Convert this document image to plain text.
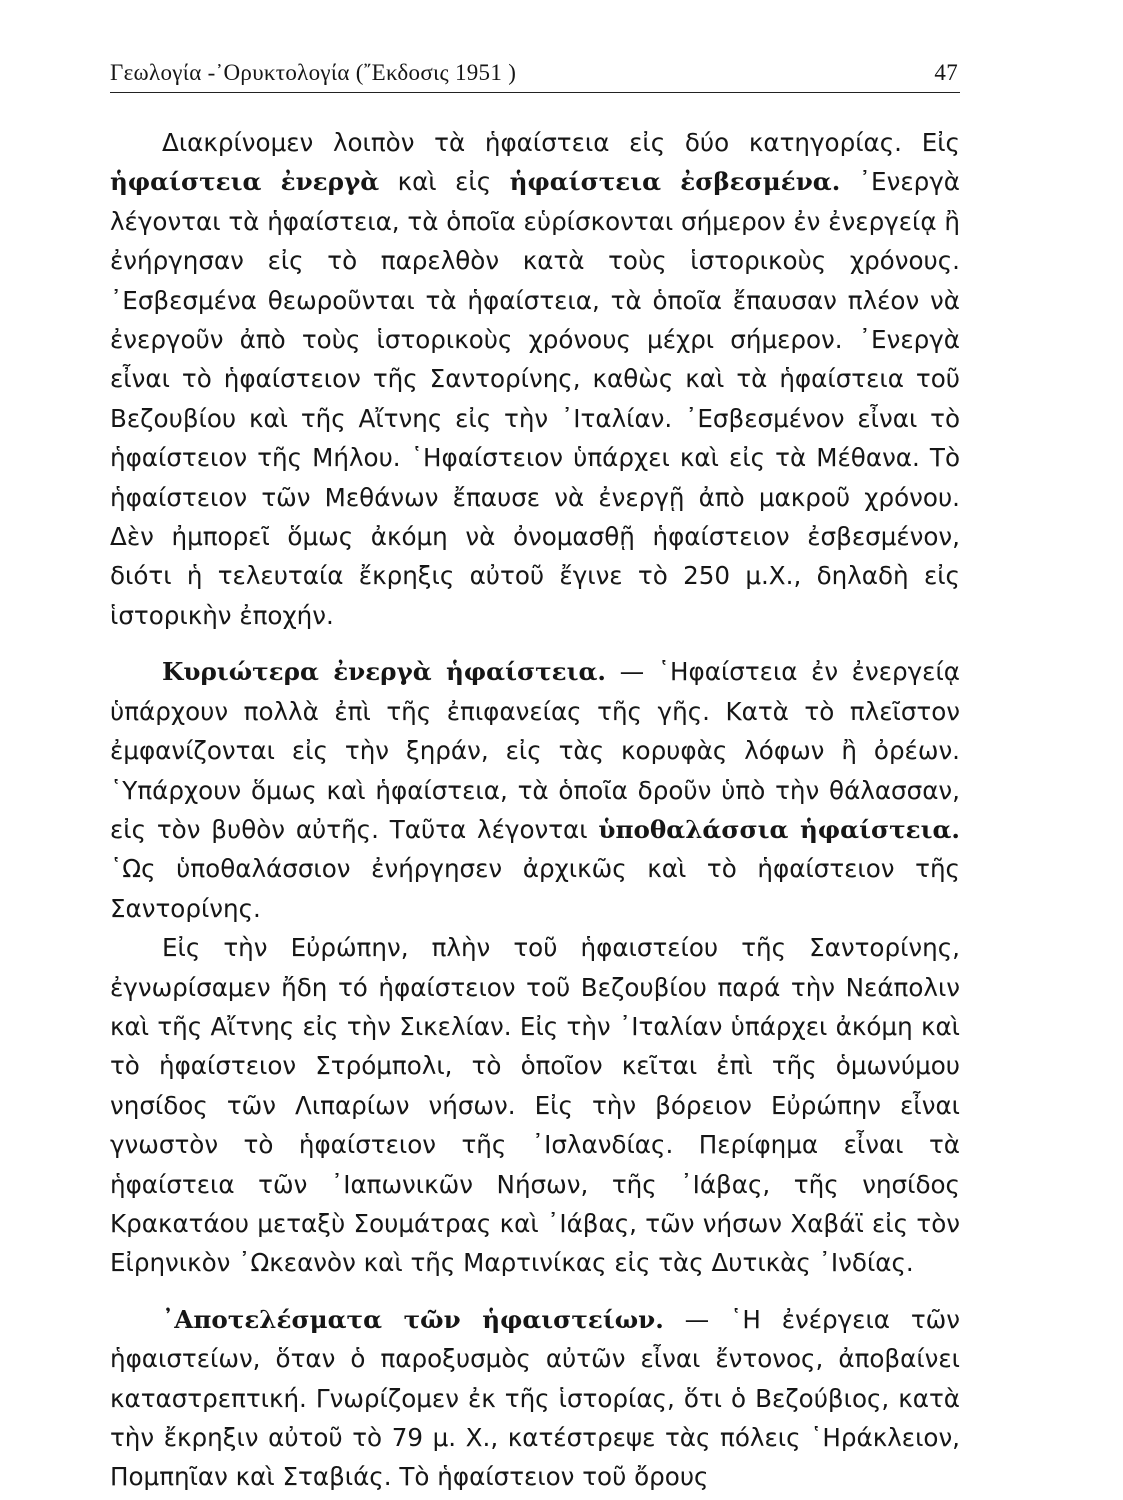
Γεωλογία -᾿Ορυκτολογία (῎Εκδοσις 1951 )	47

Διακρίνομεν λοιπὸν τὰ ἡφαίστεια εἰς δύο κατηγορίας. Εἰς ἡφαίστεια ἐνεργὰ καὶ εἰς ἡφαίστεια ἐσβεσμένα. ᾿Ενεργὰ λέγονται τὰ ἡφαίστεια, τὰ ὁποῖα εὑρίσκονται σήμερον ἐν ἐνεργείᾳ ἢ ἐνήργησαν εἰς τὸ παρελθὸν κατὰ τοὺς ἱστορικοὺς χρόνους. ᾿Εσβεσμένα θεωροῦνται τὰ ἡφαίστεια, τὰ ὁποῖα ἔπαυσαν πλέον νὰ ἐνεργοῦν ἀπὸ τοὺς ἱστορικοὺς χρόνους μέχρι σήμερον. ᾿Ενεργὰ εἶναι τὸ ἡφαίστειον τῆς Σαντορίνης, καθὼς καὶ τὰ ἡφαίστεια τοῦ Βεζουβίου καὶ τῆς Αἴτνης εἰς τὴν ᾿Ιταλίαν. ᾿Εσβεσμένον εἶναι τὸ ἡφαίστειον τῆς Μήλου. ῾Ηφαίστειον ὑπάρχει καὶ εἰς τὰ Μέθανα. Τὸ ἡφαίστειον τῶν Μεθάνων ἔπαυσε νὰ ἐνεργῇ ἀπὸ μακροῦ χρόνου. Δὲν ἠμπορεῖ ὅμως ἀκόμη νὰ ὀνομασθῇ ἡφαίστειον ἐσβεσμένον, διότι ἡ τελευταία ἔκρηξις αὐτοῦ ἔγινε τὸ 250 μ.Χ., δηλαδὴ εἰς ἱστορικὴν ἐποχήν.

Κυριώτερα ἐνεργὰ ἡφαίστεια. — ῾Ηφαίστεια ἐν ἐνεργείᾳ ὑπάρχουν πολλὰ ἐπὶ τῆς ἐπιφανείας τῆς γῆς. Κατὰ τὸ πλεῖστον ἐμφανίζονται εἰς τὴν ξηράν, εἰς τὰς κορυφὰς λόφων ἢ ὀρέων. ῾Υπάρχουν ὅμως καὶ ἡφαίστεια, τὰ ὁποῖα δροῦν ὑπὸ τὴν θάλασσαν, εἰς τὸν βυθὸν αὐτῆς. Ταῦτα λέγονται ὑποθαλάσσια ἡφαίστεια. ῾Ως ὑποθαλάσσιον ἐνήργησεν ἀρχικῶς καὶ τὸ ἡφαίστειον τῆς Σαντορίνης.

Εἰς τὴν Εὐρώπην, πλὴν τοῦ ἡφαιστείου τῆς Σαντορίνης, ἐγνωρίσαμεν ἤδη τό ἡφαίστειον τοῦ Βεζουβίου παρά τὴν Νεάπολιν καὶ τῆς Αἴτνης εἰς τὴν Σικελίαν. Εἰς τὴν ᾿Ιταλίαν ὑπάρχει ἀκόμη καὶ τὸ ἡφαίστειον Στρόμπολι, τὸ ὁποῖον κεῖται ἐπὶ τῆς ὁμωνύμου νησίδος τῶν Λιπαρίων νήσων. Εἰς τὴν βόρειον Εὐρώπην εἶναι γνωστὸν τὸ ἡφαίστειον τῆς ᾿Ισλανδίας. Περίφημα εἶναι τὰ ἡφαίστεια τῶν ᾿Ιαπωνικῶν Νήσων, τῆς ᾿Ιάβας, τῆς νησίδος Κρακατάου μεταξὺ Σουμάτρας καὶ ᾿Ιάβας, τῶν νήσων Χαβάϊ εἰς τὸν Εἰρηνικὸν ᾿Ωκεανὸν καὶ τῆς Μαρτινίκας εἰς τὰς Δυτικὰς ᾿Ινδίας.

᾿Αποτελέσματα τῶν ἡφαιστείων. — ῾Η ἐνέργεια τῶν ἡφαιστείων, ὅταν ὁ παροξυσμὸς αὐτῶν εἶναι ἔντονος, ἀποβαίνει καταστρεπτική. Γνωρίζομεν ἐκ τῆς ἱστορίας, ὅτι ὁ Βεζούβιος, κατὰ τὴν ἔκρηξιν αὐτοῦ τὸ 79 μ. Χ., κατέστρεψε τὰς πόλεις ῾Ηράκλειον, Πομπηῖαν καὶ Σταβιάς. Τὸ ἡφαίστειον τοῦ ὄρους
